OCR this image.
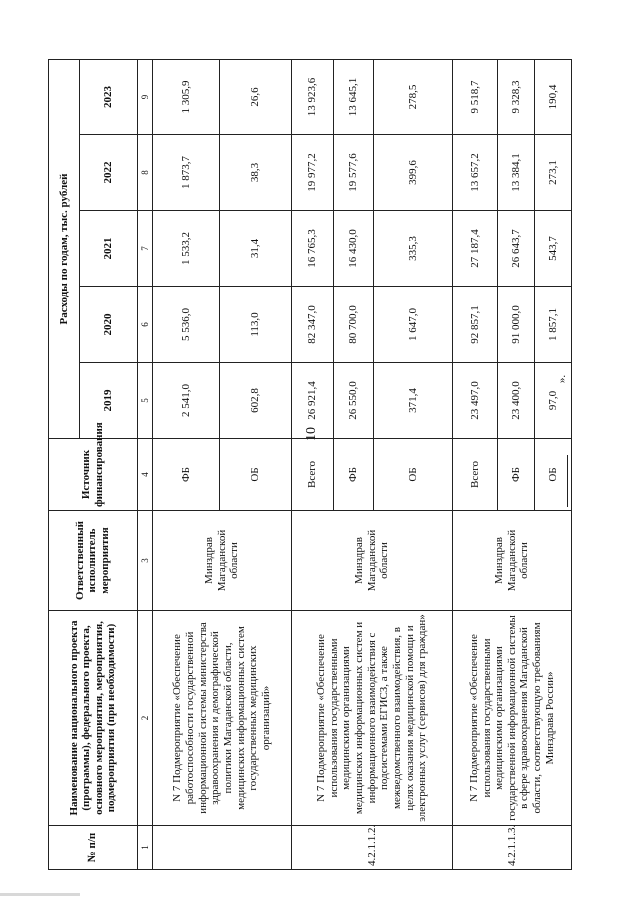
10
».
№ п/п	Наименование национального проекта (программы), федерального проекта, основного мероприятия, мероприятия, подмероприятия (при необходимости)	Ответственный исполнитель мероприятия	Источник финансирования	Расходы по годам, тыс. рублей				
				2019	2020	2021	2022	2023
1	2	3	4	5	6	7	8	9
	N 7 Подмероприятие «Обеспечение работоспособности государственной информационной системы министерства здравоохранения и демографической политики Магаданской области, медицинских информационных систем государственных медицинских организаций»	Минздрав Магаданской области	ФБ	2 541,0	5 536,0	1 533,2	1 873,7	1 305,9
			ОБ	602,8	113,0	31,4	38,3	26,6
4.2.1.1.2.	N 7 Подмероприятие «Обеспечение использования государственными медицинскими организациями медицинских информационных систем и информационного взаимодействия с подсистемами ЕГИСЗ, а также межведомственного взаимодействия, в целях оказания медицинской помощи и электронных услуг (сервисов) для граждан»	Минздрав Магаданской области	Всего	26 921,4	82 347,0	16 765,3	19 977,2	13 923,6
			ФБ	26 550,0	80 700,0	16 430,0	19 577,6	13 645,1
			ОБ	371,4	1 647,0	335,3	399,6	278,5
4.2.1.1.3.	N 7 Подмероприятие «Обеспечение использования государственными медицинскими организациями государственной информационной системы в сфере здравоохранения Магаданской области, соответствующую требованиям Минздрава России»	Минздрав Магаданской области	Всего	23 497,0	92 857,1	27 187,4	13 657,2	9 518,7
			ФБ	23 400,0	91 000,0	26 643,7	13 384,1	9 328,3
			ОБ	97,0	1 857,1	543,7	273,1	190,4
